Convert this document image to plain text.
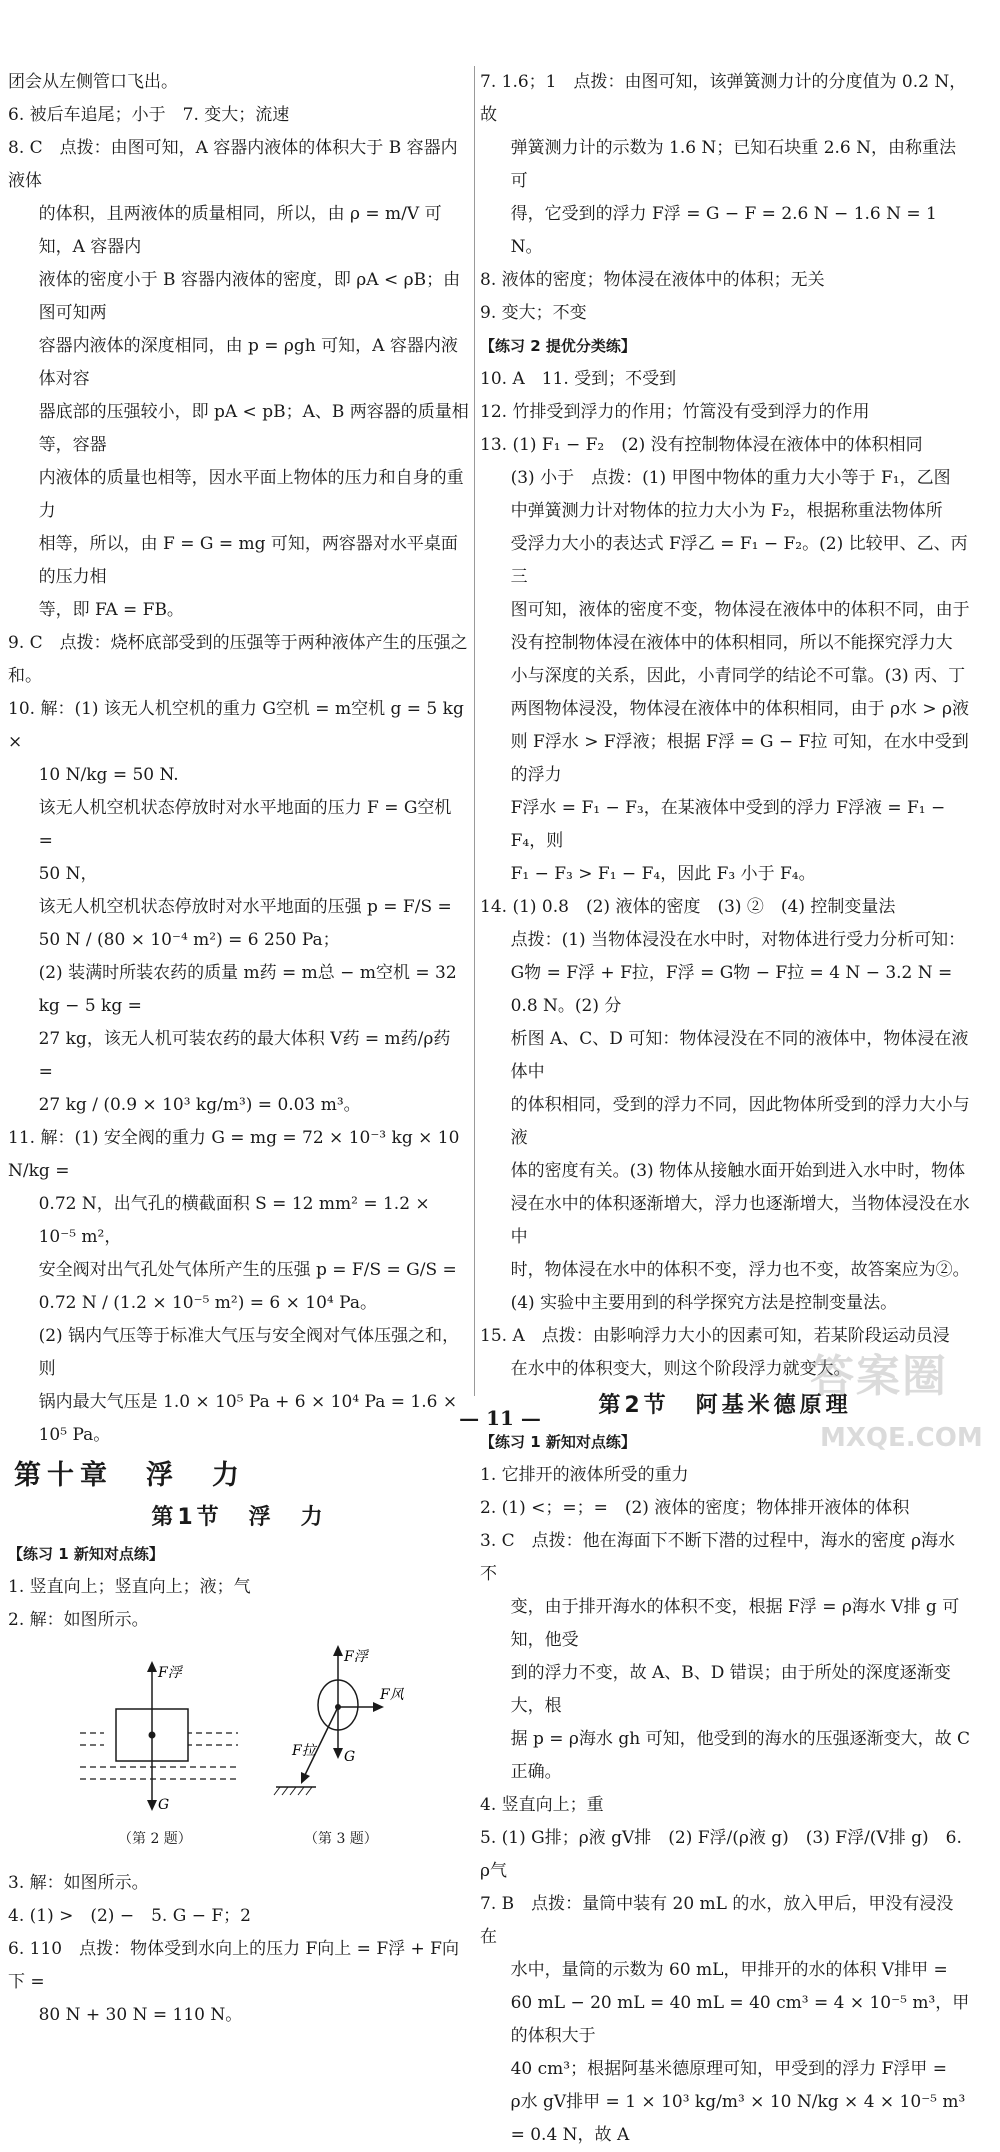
团会从左侧管口飞出。

6. 被后车追尾；小于　7. 变大；流速

8. C　点拨：由图可知，A 容器内液体的体积大于 B 容器内液体

的体积，且两液体的质量相同，所以，由 ρ = m/V 可知，A 容器内

液体的密度小于 B 容器内液体的密度，即 ρA < ρB；由图可知两

容器内液体的深度相同，由 p = ρgh 可知，A 容器内液体对容

器底部的压强较小，即 pA < pB；A、B 两容器的质量相等，容器

内液体的质量也相等，因水平面上物体的压力和自身的重力

相等，所以，由 F = G = mg 可知，两容器对水平桌面的压力相

等，即 FA = FB。

9. C　点拨：烧杯底部受到的压强等于两种液体产生的压强之和。

10. 解：(1) 该无人机空机的重力 G空机 = m空机 g = 5 kg ×

10 N/kg = 50 N.

该无人机空机状态停放时对水平地面的压力 F = G空机 =

50 N，

该无人机空机状态停放时对水平地面的压强 p = F/S =

50 N / (80 × 10⁻⁴ m²) = 6 250 Pa；

(2) 装满时所装农药的质量 m药 = m总 − m空机 = 32 kg − 5 kg =

27 kg，该无人机可装农药的最大体积 V药 = m药/ρ药 =

27 kg / (0.9 × 10³ kg/m³) = 0.03 m³。

11. 解：(1) 安全阀的重力 G = mg = 72 × 10⁻³ kg × 10 N/kg =

0.72 N，出气孔的横截面积 S = 12 mm² = 1.2 × 10⁻⁵ m²，

安全阀对出气孔处气体所产生的压强 p = F/S = G/S =

0.72 N / (1.2 × 10⁻⁵ m²) = 6 × 10⁴ Pa。

(2) 锅内气压等于标准大气压与安全阀对气体压强之和，则

锅内最大气压是 1.0 × 10⁵ Pa + 6 × 10⁴ Pa = 1.6 × 10⁵ Pa。

第十章　浮　力
第1节　浮　力

【练习 1 新知对点练】

1. 竖直向上；竖直向上；液；气

2. 解：如图所示。

F浮
G
F浮
F风
G
F拉
（第 2 题）	（第 3 题）

3. 解：如图所示。

4. (1) >　(2) −　5. G − F；2

6. 110　点拨：物体受到水向上的压力 F向上 = F浮 + F向下 =

80 N + 30 N = 110 N。

7. 1.6；1　点拨：由图可知，该弹簧测力计的分度值为 0.2 N，故

弹簧测力计的示数为 1.6 N；已知石块重 2.6 N，由称重法可

得，它受到的浮力 F浮 = G − F = 2.6 N − 1.6 N = 1 N。

8. 液体的密度；物体浸在液体中的体积；无关

9. 变大；不变

【练习 2 提优分类练】

10. A　11. 受到；不受到

12. 竹排受到浮力的作用；竹篙没有受到浮力的作用

13. (1) F₁ − F₂　(2) 没有控制物体浸在液体中的体积相同

(3) 小于　点拨：(1) 甲图中物体的重力大小等于 F₁，乙图

中弹簧测力计对物体的拉力大小为 F₂，根据称重法物体所

受浮力大小的表达式 F浮乙 = F₁ − F₂。(2) 比较甲、乙、丙三

图可知，液体的密度不变，物体浸在液体中的体积不同，由于

没有控制物体浸在液体中的体积相同，所以不能探究浮力大

小与深度的关系，因此，小青同学的结论不可靠。(3) 丙、丁

两图物体浸没，物体浸在液体中的体积相同，由于 ρ水 > ρ液

则 F浮水 > F浮液；根据 F浮 = G − F拉 可知，在水中受到的浮力

F浮水 = F₁ − F₃，在某液体中受到的浮力 F浮液 = F₁ − F₄，则

F₁ − F₃ > F₁ − F₄，因此 F₃ 小于 F₄。

14. (1) 0.8　(2) 液体的密度　(3) ②　(4) 控制变量法

点拨：(1) 当物体浸没在水中时，对物体进行受力分析可知：

G物 = F浮 + F拉，F浮 = G物 − F拉 = 4 N − 3.2 N = 0.8 N。(2) 分

析图 A、C、D 可知：物体浸没在不同的液体中，物体浸在液体中

的体积相同，受到的浮力不同，因此物体所受到的浮力大小与液

体的密度有关。(3) 物体从接触水面开始到进入水中时，物体

浸在水中的体积逐渐增大，浮力也逐渐增大，当物体浸没在水中

时，物体浸在水中的体积不变，浮力也不变，故答案应为②。

(4) 实验中主要用到的科学探究方法是控制变量法。

15. A　点拨：由影响浮力大小的因素可知，若某阶段运动员浸

在水中的体积变大，则这个阶段浮力就变大。

第2节　阿基米德原理

【练习 1 新知对点练】

1. 它排开的液体所受的重力

2. (1) <；=；=　(2) 液体的密度；物体排开液体的体积

3. C　点拨：他在海面下不断下潜的过程中，海水的密度 ρ海水 不

变，由于排开海水的体积不变，根据 F浮 = ρ海水 V排 g 可知，他受

到的浮力不变，故 A、B、D 错误；由于所处的深度逐渐变大，根

据 p = ρ海水 gh 可知，他受到的海水的压强逐渐变大，故 C 正确。

4. 竖直向上；重

5. (1) G排；ρ液 gV排　(2) F浮/(ρ液 g)　(3) F浮/(V排 g)　6. ρ气

7. B　点拨：量筒中装有 20 mL 的水，放入甲后，甲没有浸没在

水中，量筒的示数为 60 mL，甲排开的水的体积 V排甲 =

60 mL − 20 mL = 40 mL = 40 cm³ = 4 × 10⁻⁵ m³，甲的体积大于

40 cm³；根据阿基米德原理可知，甲受到的浮力 F浮甲 =

ρ水 gV排甲 = 1 × 10³ kg/m³ × 10 N/kg × 4 × 10⁻⁵ m³ = 0.4 N，故 A

— 11 —
答案圈
MXQE.COM
